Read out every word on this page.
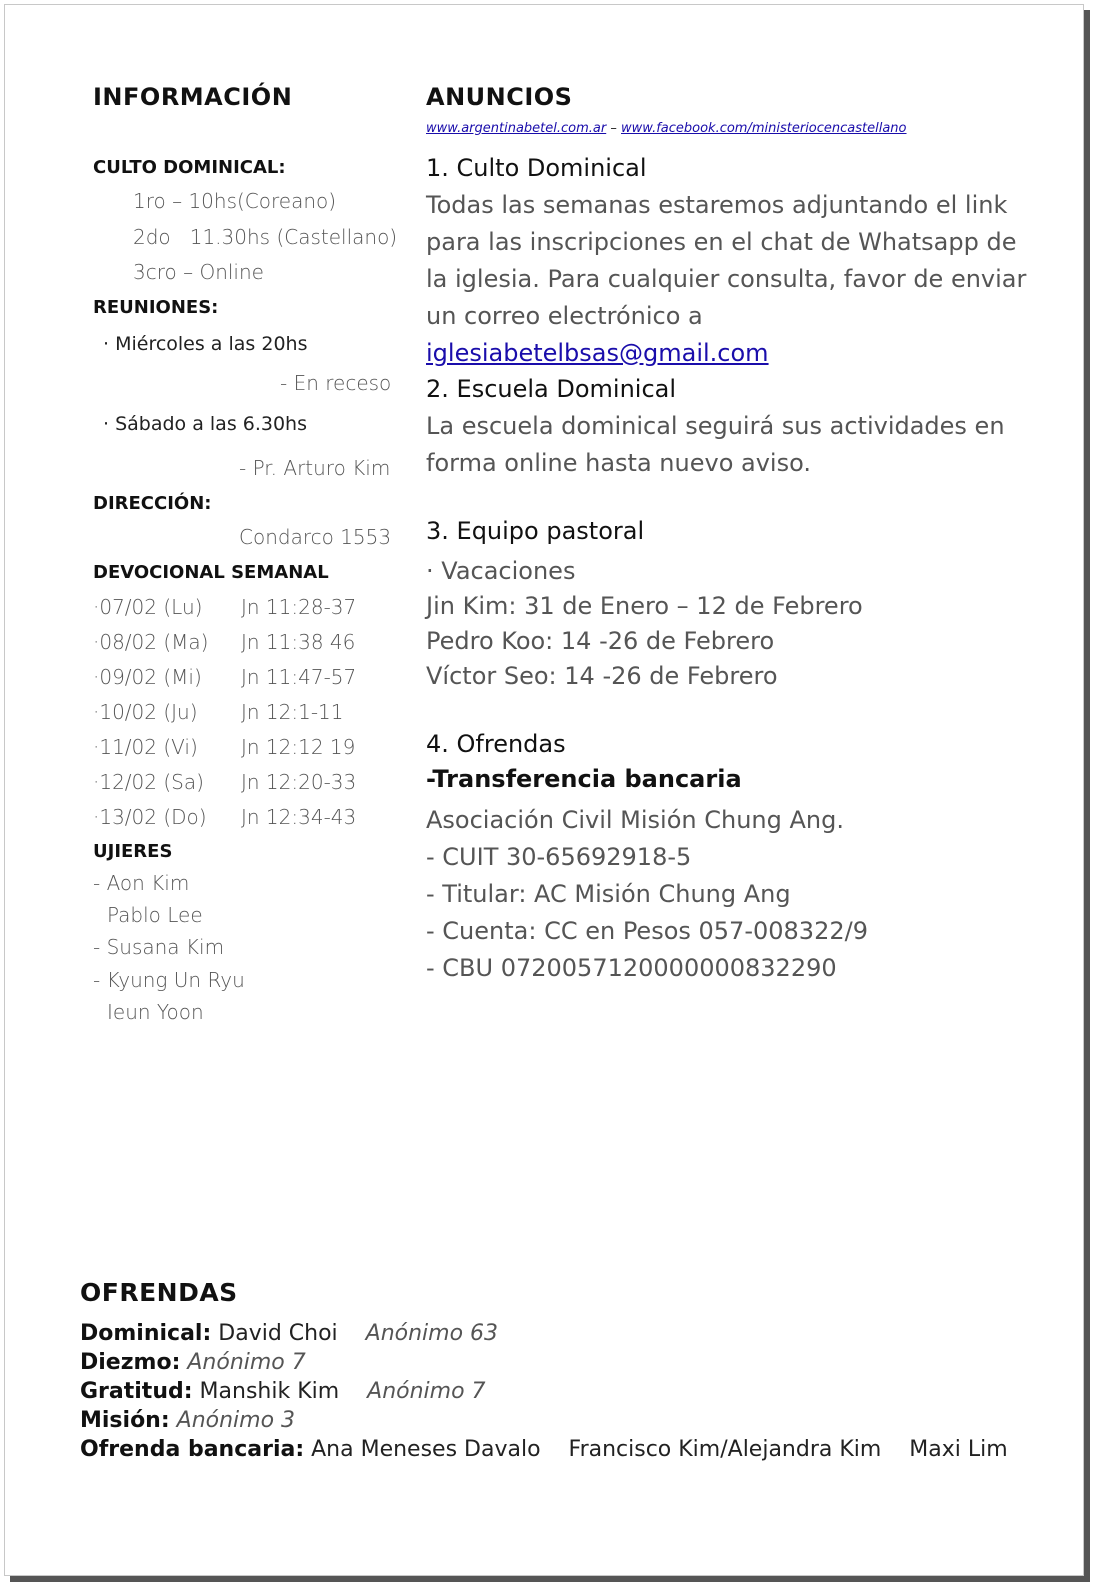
INFORMACIÓN
CULTO DOMINICAL:
1ro – 10hs(Coreano)
2do   11.30hs (Castellano)
3cro – Online
REUNIONES:
· Miércoles a las 20hs
- En receso
· Sábado a las 6.30hs
- Pr. Arturo Kim
DIRECCIÓN:
Condarco 1553
DEVOCIONAL SEMANAL
·07/02 (Lu) Jn 11:28-37
·08/02 (Ma) Jn 11:38 46
·09/02 (Mi) Jn 11:47-57
·10/02 (Ju) Jn 12:1-11
·11/02 (Vi) Jn 12:12 19
·12/02 (Sa) Jn 12:20-33
·13/02 (Do) Jn 12:34-43
UJIERES
- Aon Kim
Pablo Lee
- Susana Kim
- Kyung Un Ryu
Ieun Yoon
ANUNCIOS
www.argentinabetel.com.ar – www.facebook.com/ministeriocencastellano
1. Culto Dominical
Todas las semanas estaremos adjuntando el link para las inscripciones en el chat de Whatsapp de la iglesia. Para cualquier consulta, favor de enviar un correo electrónico a iglesiabetelbsas@gmail.com
2. Escuela Dominical
La escuela dominical seguirá sus actividades en forma online hasta nuevo aviso.
3. Equipo pastoral
· Vacaciones
Jin Kim: 31 de Enero – 12 de Febrero
Pedro Koo: 14 -26 de Febrero
Víctor Seo: 14 -26 de Febrero
4. Ofrendas
-Transferencia bancaria
Asociación Civil Misión Chung Ang.
- CUIT 30-65692918-5
- Titular: AC Misión Chung Ang
- Cuenta: CC en Pesos 057-008322/9
- CBU 0720057120000000832290
OFRENDAS
Dominical: David Choi    Anónimo 63
Diezmo: Anónimo 7
Gratitud: Manshik Kim    Anónimo 7
Misión: Anónimo 3
Ofrenda bancaria: Ana Meneses Davalo    Francisco Kim/Alejandra Kim    Maxi Lim
